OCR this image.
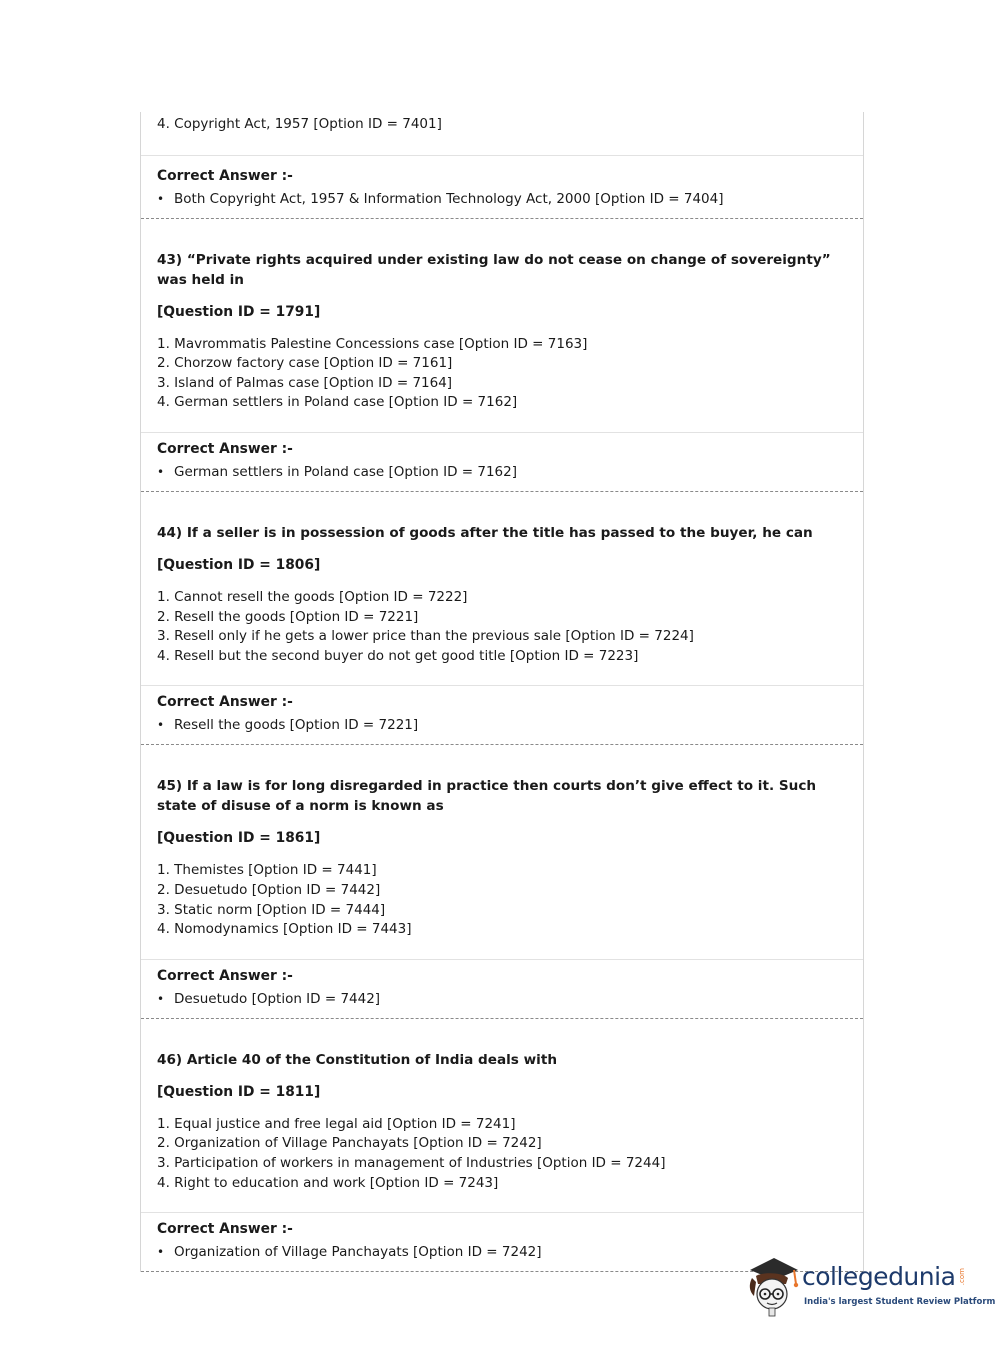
4. Copyright Act, 1957 [Option ID = 7401]
Correct Answer :-
• Both Copyright Act, 1957 & Information Technology Act, 2000 [Option ID = 7404]
43) “Private rights acquired under existing law do not cease on change of sovereignty” was held in
[Question ID = 1791]
1. Mavrommatis Palestine Concessions case [Option ID = 7163]
2. Chorzow factory case [Option ID = 7161]
3. Island of Palmas case [Option ID = 7164]
4. German settlers in Poland case [Option ID = 7162]
Correct Answer :-
• German settlers in Poland case [Option ID = 7162]
44) If a seller is in possession of goods after the title has passed to the buyer, he can
[Question ID = 1806]
1. Cannot resell the goods [Option ID = 7222]
2. Resell the goods [Option ID = 7221]
3. Resell only if he gets a lower price than the previous sale [Option ID = 7224]
4. Resell but the second buyer do not get good title [Option ID = 7223]
Correct Answer :-
• Resell the goods [Option ID = 7221]
45) If a law is for long disregarded in practice then courts don’t give effect to it. Such state of disuse of a norm is known as
[Question ID = 1861]
1. Themistes [Option ID = 7441]
2. Desuetudo [Option ID = 7442]
3. Static norm [Option ID = 7444]
4. Nomodynamics [Option ID = 7443]
Correct Answer :-
• Desuetudo [Option ID = 7442]
46) Article 40 of the Constitution of India deals with
[Question ID = 1811]
1. Equal justice and free legal aid [Option ID = 7241]
2. Organization of Village Panchayats [Option ID = 7242]
3. Participation of workers in management of Industries [Option ID = 7244]
4. Right to education and work [Option ID = 7243]
Correct Answer :-
• Organization of Village Panchayats [Option ID = 7242]
collegedunia .com
India's largest Student Review Platform
